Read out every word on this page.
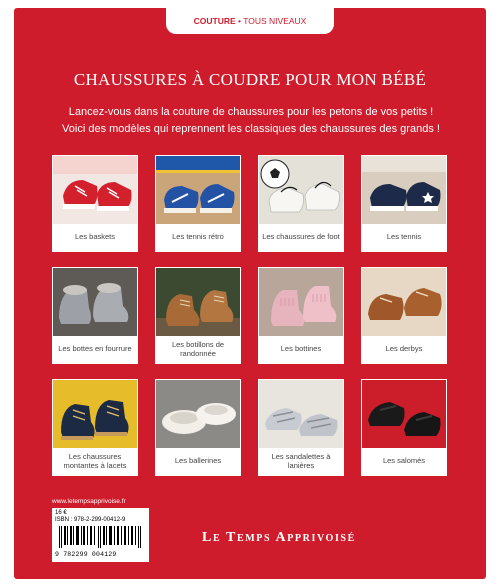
COUTURE • TOUS NIVEAUX
CHAUSSURES À COUDRE POUR MON BÉBÉ
Lancez-vous dans la couture de chaussures pour les petons de vos petits !
Voici des modèles qui reprennent les classiques des chaussures des grands !
Les baskets	Les tennis rétro	Les chaussures de foot	Les tennis
Les bottes en fourrure	Les botillons de randonnée	Les bottines	Les derbys
Les chaussures montantes à lacets	Les ballerines	Les sandalettes à lanières	Les salomés
www.letempsapprivoise.fr
16 €
ISBN : 978-2-299-00412-9
9 782299 004129
Le Temps Apprivoisé
